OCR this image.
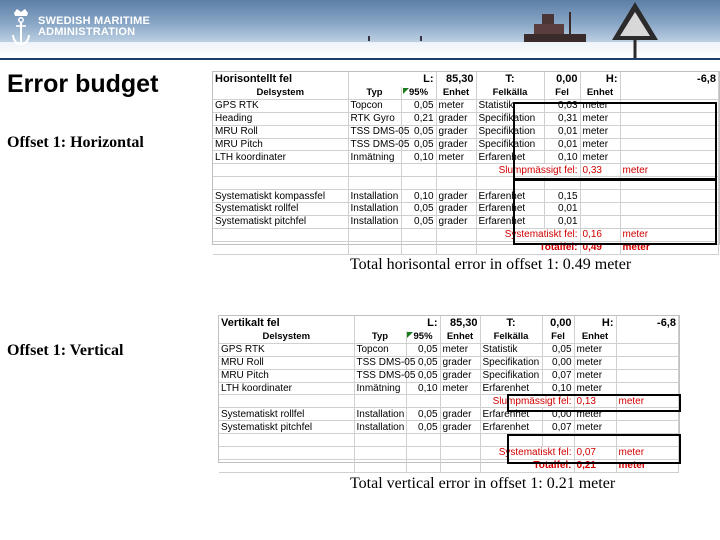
SWEDISH MARITIME
ADMINISTRATION
Error budget
Offset 1: Horizontal
Horisontellt fel	L:		85,30	T:	0,00	H:	-6,8
Delsystem	Typ	95%	Enhet	Felkälla	Fel	Enhet	
GPS RTK	Topcon	0,05	meter	Statistik	0,03	meter	
Heading	RTK Gyro	0,21	grader	Specifikation	0,31	meter	
MRU Roll	TSS DMS-05	0,05	grader	Specifikation	0,01	meter	
MRU Pitch	TSS DMS-05	0,05	grader	Specifikation	0,01	meter	
LTH koordinater	Inmätning	0,10	meter	Erfarenhet	0,10	meter	
				Slumpmässigt fel:		0,33	meter

Systematiskt kompassfel	Installation	0,10	grader	Erfarenhet	0,15		
Systematiskt rollfel	Installation	0,05	grader	Erfarenhet	0,01		
Systematiskt pitchfel	Installation	0,05	grader	Erfarenhet	0,01		
				Systematiskt fel:		0,16	meter
				Totalfel:		0,49	meter
Total horisontal error in offset 1: 0.49 meter
Offset 1: Vertical
Vertikalt fel	L:		85,30	T:	0,00	H:	-6,8
Delsystem	Typ	95%	Enhet	Felkälla	Fel	Enhet	
GPS RTK	Topcon	0,05	meter	Statistik	0,05	meter	
MRU Roll	TSS DMS-05	0,05	grader	Specifikation	0,00	meter	
MRU Pitch	TSS DMS-05	0,05	grader	Specifikation	0,07	meter	
LTH koordinater	Inmätning	0,10	meter	Erfarenhet	0,10	meter	
				Slumpmässigt fel:		0,13	meter
Systematiskt rollfel	Installation	0,05	grader	Erfarenhet	0,00	meter	
Systematiskt pitchfel	Installation	0,05	grader	Erfarenhet	0,07	meter	

				Systematiskt fel:		0,07	meter
				Totalfel:		0,21	meter
Total vertical error in offset 1: 0.21 meter
